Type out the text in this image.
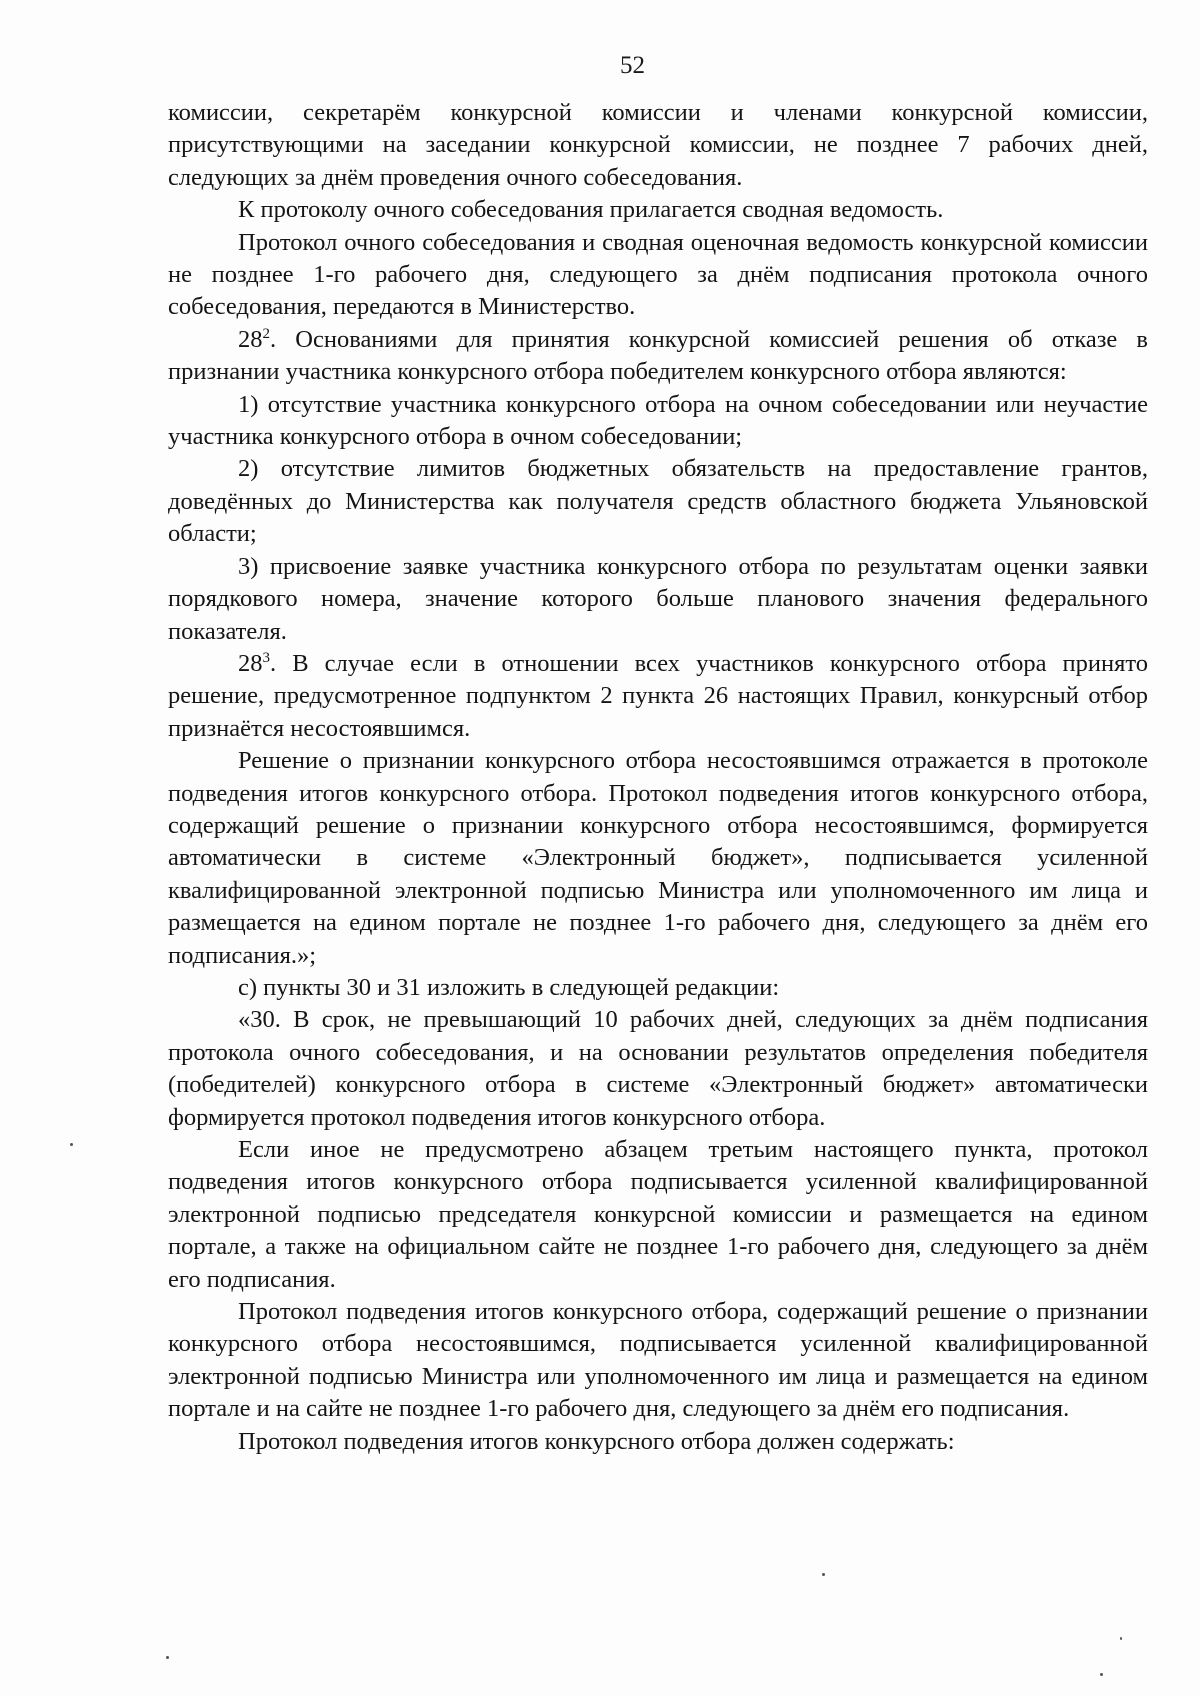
52

комиссии, секретарём конкурсной комиссии и членами конкурсной комиссии, присутствующими на заседании конкурсной комиссии, не позднее 7 рабочих дней, следующих за днём проведения очного собеседования.

К протоколу очного собеседования прилагается сводная ведомость.

Протокол очного собеседования и сводная оценочная ведомость конкурсной комиссии не позднее 1-го рабочего дня, следующего за днём подписания протокола очного собеседования, передаются в Министерство.

$28^2$. Основаниями для принятия конкурсной комиссией решения об отказе в признании участника конкурсного отбора победителем конкурсного отбора являются:

1) отсутствие участника конкурсного отбора на очном собеседовании или неучастие участника конкурсного отбора в очном собеседовании;

2) отсутствие лимитов бюджетных обязательств на предоставление грантов, доведённых до Министерства как получателя средств областного бюджета Ульяновской области;

3) присвоение заявке участника конкурсного отбора по результатам оценки заявки порядкового номера, значение которого больше планового значения федерального показателя.

$28^3$. В случае если в отношении всех участников конкурсного отбора принято решение, предусмотренное подпунктом 2 пункта 26 настоящих Правил, конкурсный отбор признаётся несостоявшимся.

Решение о признании конкурсного отбора несостоявшимся отражается в протоколе подведения итогов конкурсного отбора. Протокол подведения итогов конкурсного отбора, содержащий решение о признании конкурсного отбора несостоявшимся, формируется автоматически в системе «Электронный бюджет», подписывается усиленной квалифицированной электронной подписью Министра или уполномоченного им лица и размещается на едином портале не позднее 1-го рабочего дня, следующего за днём его подписания.»;

с) пункты 30 и 31 изложить в следующей редакции:

«30. В срок, не превышающий 10 рабочих дней, следующих за днём подписания протокола очного собеседования, и на основании результатов определения победителя (победителей) конкурсного отбора в системе «Электронный бюджет» автоматически формируется протокол подведения итогов конкурсного отбора.

Если иное не предусмотрено абзацем третьим настоящего пункта, протокол подведения итогов конкурсного отбора подписывается усиленной квалифицированной электронной подписью председателя конкурсной комиссии и размещается на едином портале, а также на официальном сайте не позднее 1-го рабочего дня, следующего за днём его подписания.

Протокол подведения итогов конкурсного отбора, содержащий решение о признании конкурсного отбора несостоявшимся, подписывается усиленной квалифицированной электронной подписью Министра или уполномоченного им лица и размещается на едином портале и на сайте не позднее 1-го рабочего дня, следующего за днём его подписания.

Протокол подведения итогов конкурсного отбора должен содержать:
